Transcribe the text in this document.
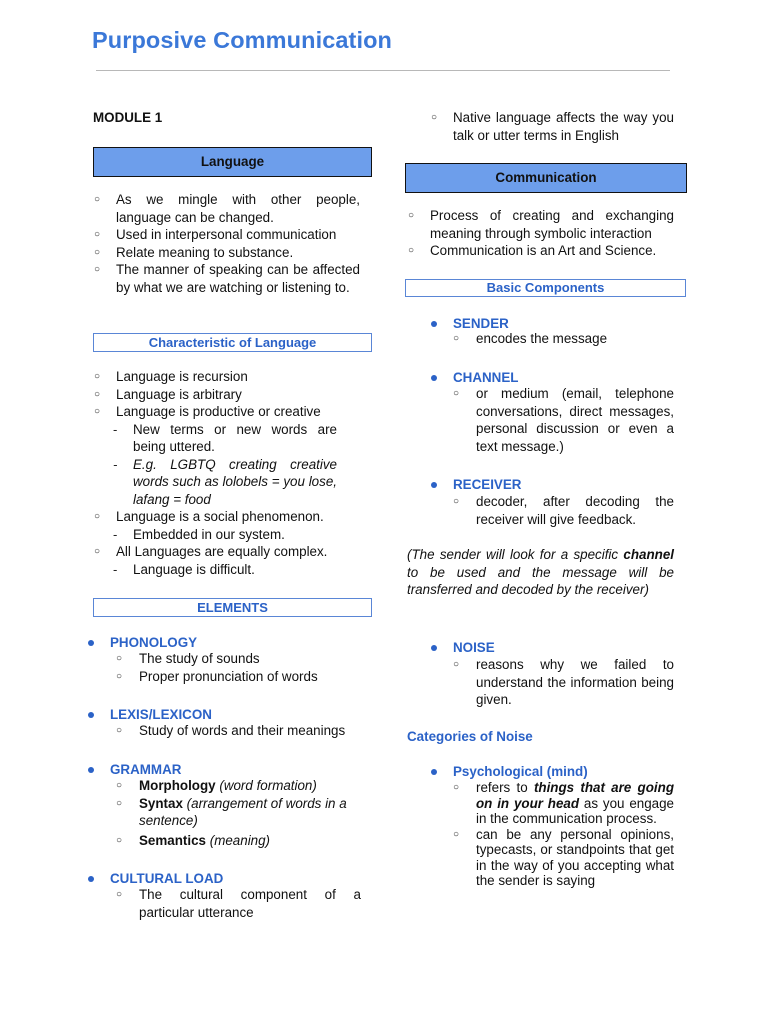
Purposive Communication
MODULE 1
Language
○ As we mingle with other people, language can be changed.
○ Used in interpersonal communication
○ Relate meaning to substance.
○ The manner of speaking can be affected by what we are watching or listening to.
Characteristic of Language
○ Language is recursion
○ Language is arbitrary
○ Language is productive or creative
- New terms or new words are being uttered.
- E.g. LGBTQ creating creative words such as lolobels = you lose, lafang = food
○ Language is a social phenomenon.
- Embedded in our system.
○ All Languages are equally complex.
- Language is difficult.
ELEMENTS
PHONOLOGY
○ The study of sounds
○ Proper pronunciation of words
LEXIS/LEXICON
○ Study of words and their meanings
GRAMMAR
○ Morphology (word formation)
○ Syntax (arrangement of words in a sentence)
○ Semantics (meaning)
CULTURAL LOAD
○ The cultural component of a particular utterance
○ Native language affects the way you talk or utter terms in English
Communication
○ Process of creating and exchanging meaning through symbolic interaction
○ Communication is an Art and Science.
Basic Components
SENDER
○ encodes the message
CHANNEL
○ or medium (email, telephone conversations, direct messages, personal discussion or even a text message.)
RECEIVER
○ decoder, after decoding the receiver will give feedback.
(The sender will look for a specific channel to be used and the message will be transferred and decoded by the receiver)
NOISE
○ reasons why we failed to understand the information being given.
Categories of Noise
Psychological (mind)
○ refers to things that are going on in your head as you engage in the communication process.
○ can be any personal opinions, typecasts, or standpoints that get in the way of you accepting what the sender is saying
